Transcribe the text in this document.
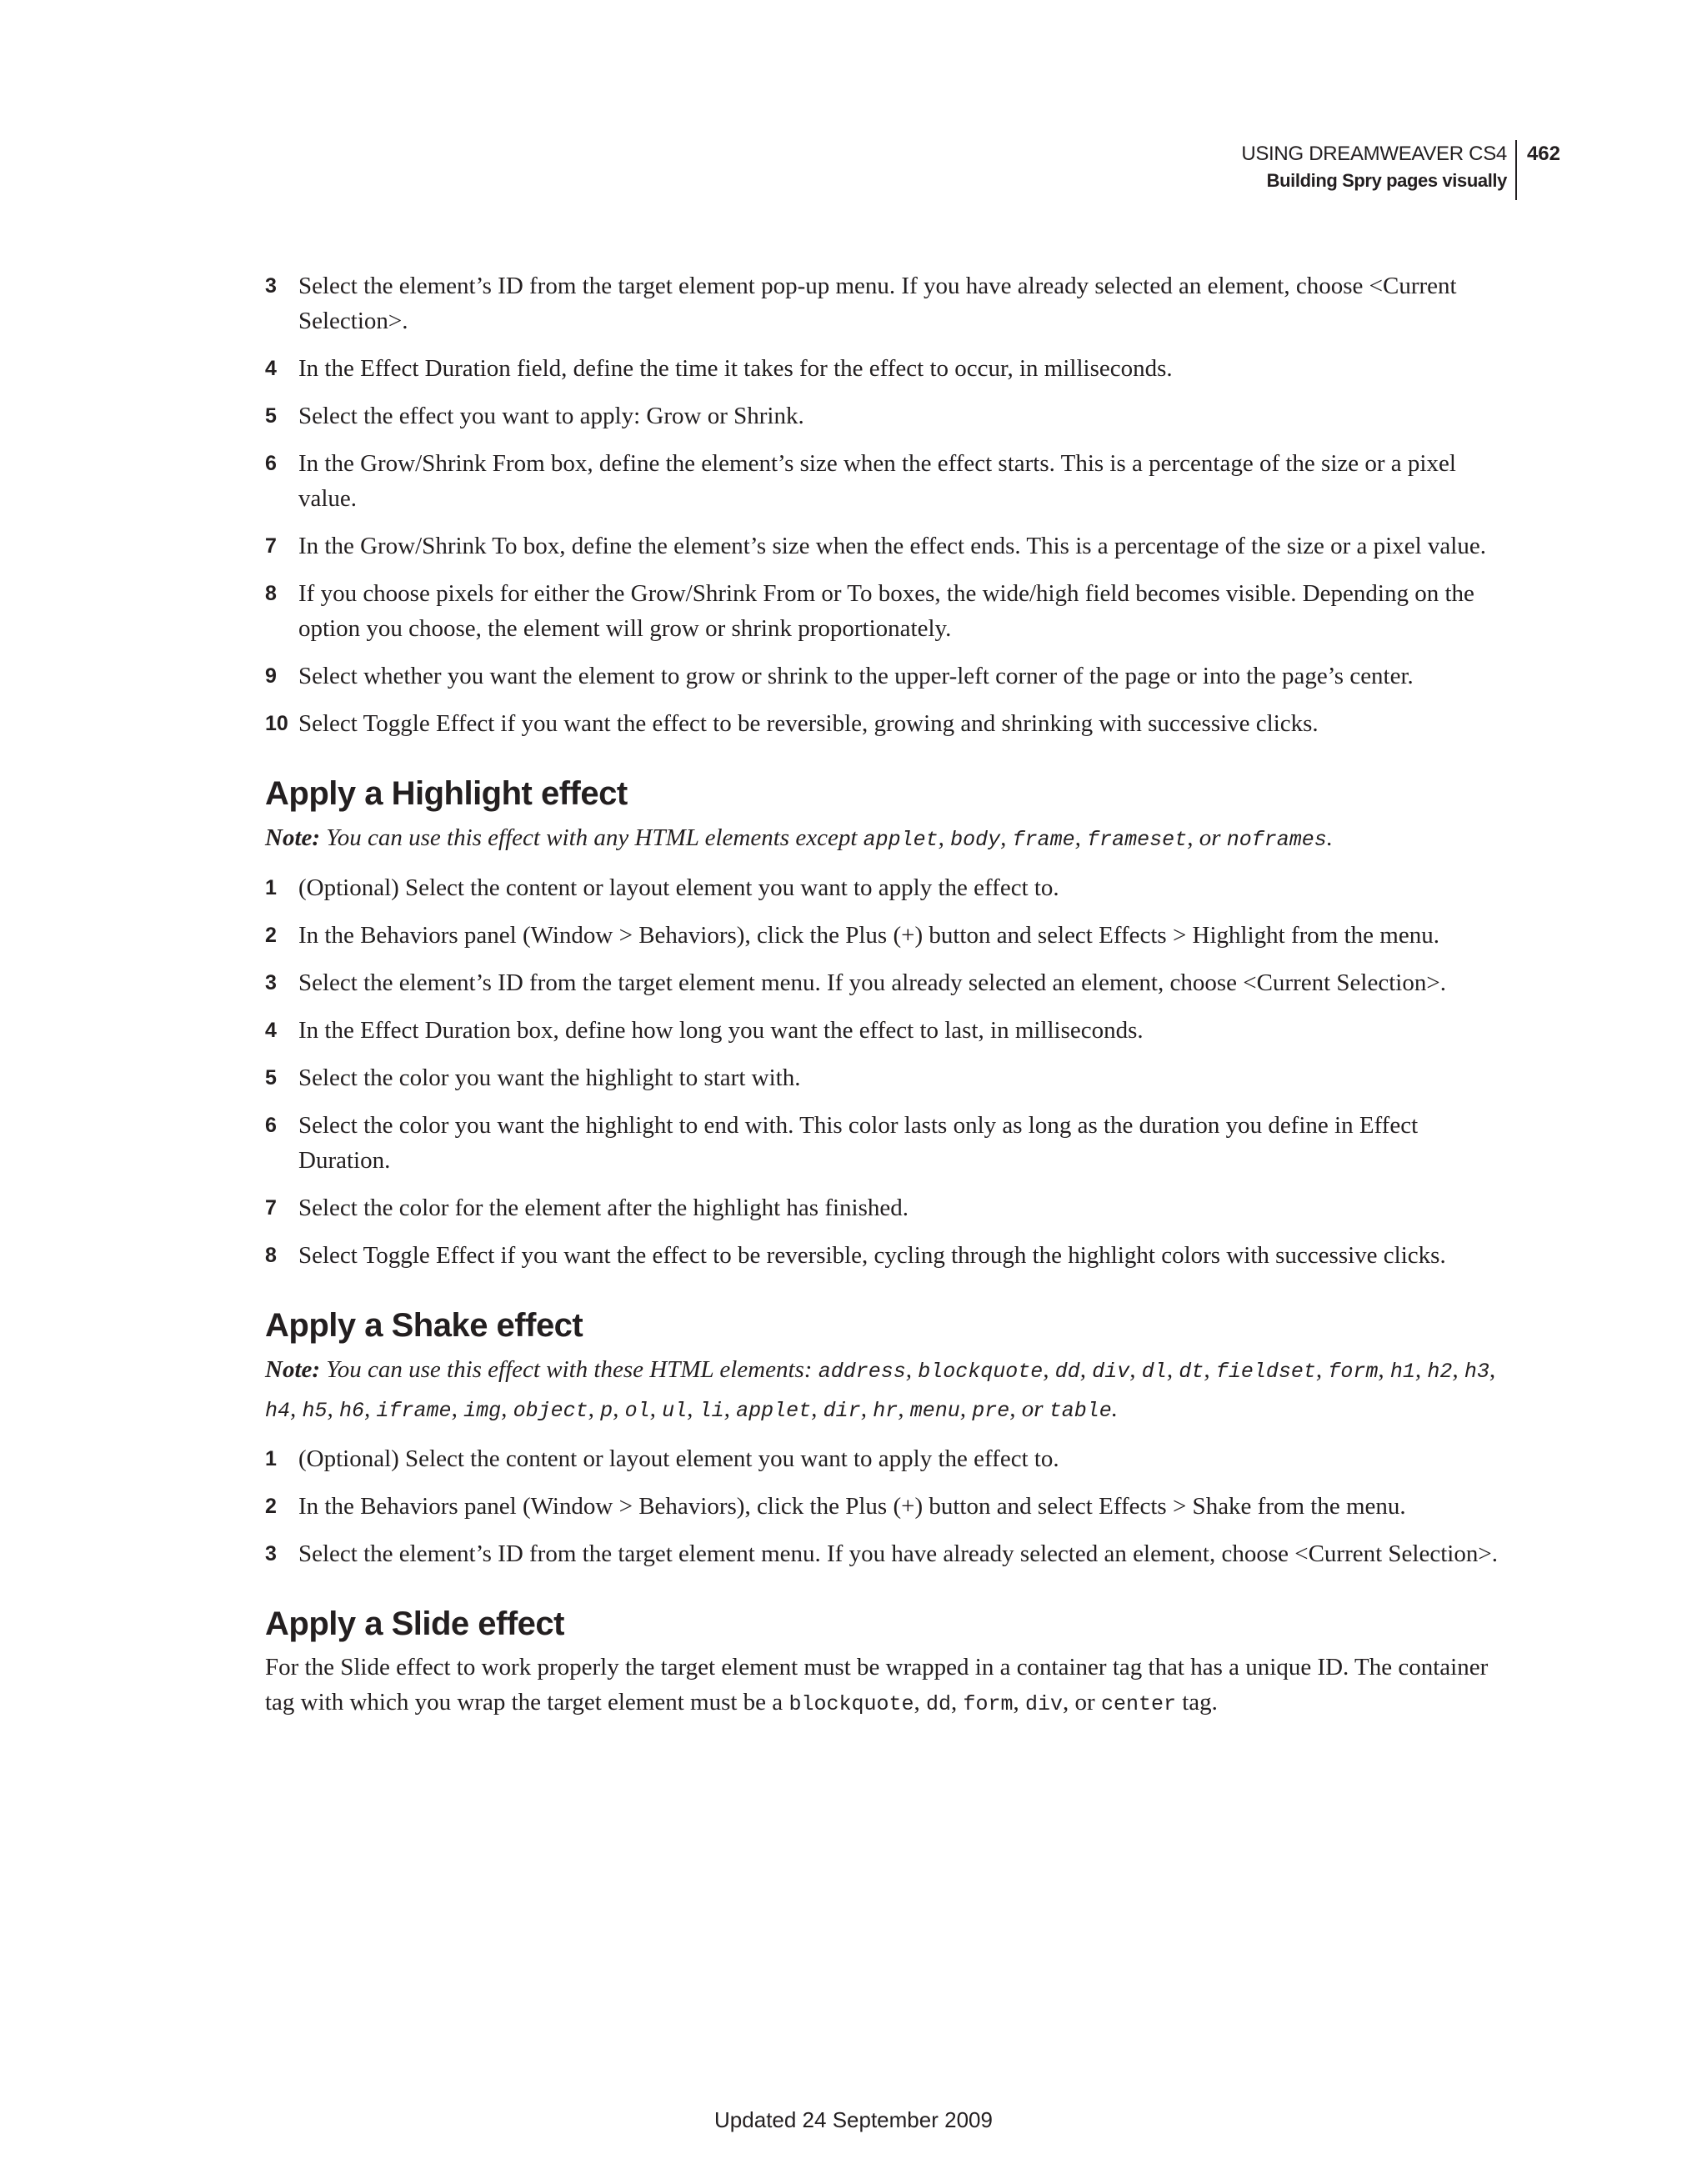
USING DREAMWEAVER CS4
Building Spry pages visually
462
3 Select the element’s ID from the target element pop-up menu. If you have already selected an element, choose <Current Selection>.
4 In the Effect Duration field, define the time it takes for the effect to occur, in milliseconds.
5 Select the effect you want to apply: Grow or Shrink.
6 In the Grow/Shrink From box, define the element’s size when the effect starts. This is a percentage of the size or a pixel value.
7 In the Grow/Shrink To box, define the element’s size when the effect ends. This is a percentage of the size or a pixel value.
8 If you choose pixels for either the Grow/Shrink From or To boxes, the wide/high field becomes visible. Depending on the option you choose, the element will grow or shrink proportionately.
9 Select whether you want the element to grow or shrink to the upper-left corner of the page or into the page’s center.
10 Select Toggle Effect if you want the effect to be reversible, growing and shrinking with successive clicks.
Apply a Highlight effect
Note: You can use this effect with any HTML elements except applet, body, frame, frameset, or noframes.
1 (Optional) Select the content or layout element you want to apply the effect to.
2 In the Behaviors panel (Window > Behaviors), click the Plus (+) button and select Effects > Highlight from the menu.
3 Select the element’s ID from the target element menu. If you already selected an element, choose <Current Selection>.
4 In the Effect Duration box, define how long you want the effect to last, in milliseconds.
5 Select the color you want the highlight to start with.
6 Select the color you want the highlight to end with. This color lasts only as long as the duration you define in Effect Duration.
7 Select the color for the element after the highlight has finished.
8 Select Toggle Effect if you want the effect to be reversible, cycling through the highlight colors with successive clicks.
Apply a Shake effect
Note: You can use this effect with these HTML elements: address, blockquote, dd, div, dl, dt, fieldset, form, h1, h2, h3, h4, h5, h6, iframe, img, object, p, ol, ul, li, applet, dir, hr, menu, pre, or table.
1 (Optional) Select the content or layout element you want to apply the effect to.
2 In the Behaviors panel (Window > Behaviors), click the Plus (+) button and select Effects > Shake from the menu.
3 Select the element’s ID from the target element menu. If you have already selected an element, choose <Current Selection>.
Apply a Slide effect
For the Slide effect to work properly the target element must be wrapped in a container tag that has a unique ID. The container tag with which you wrap the target element must be a blockquote, dd, form, div, or center tag.
Updated 24 September 2009
